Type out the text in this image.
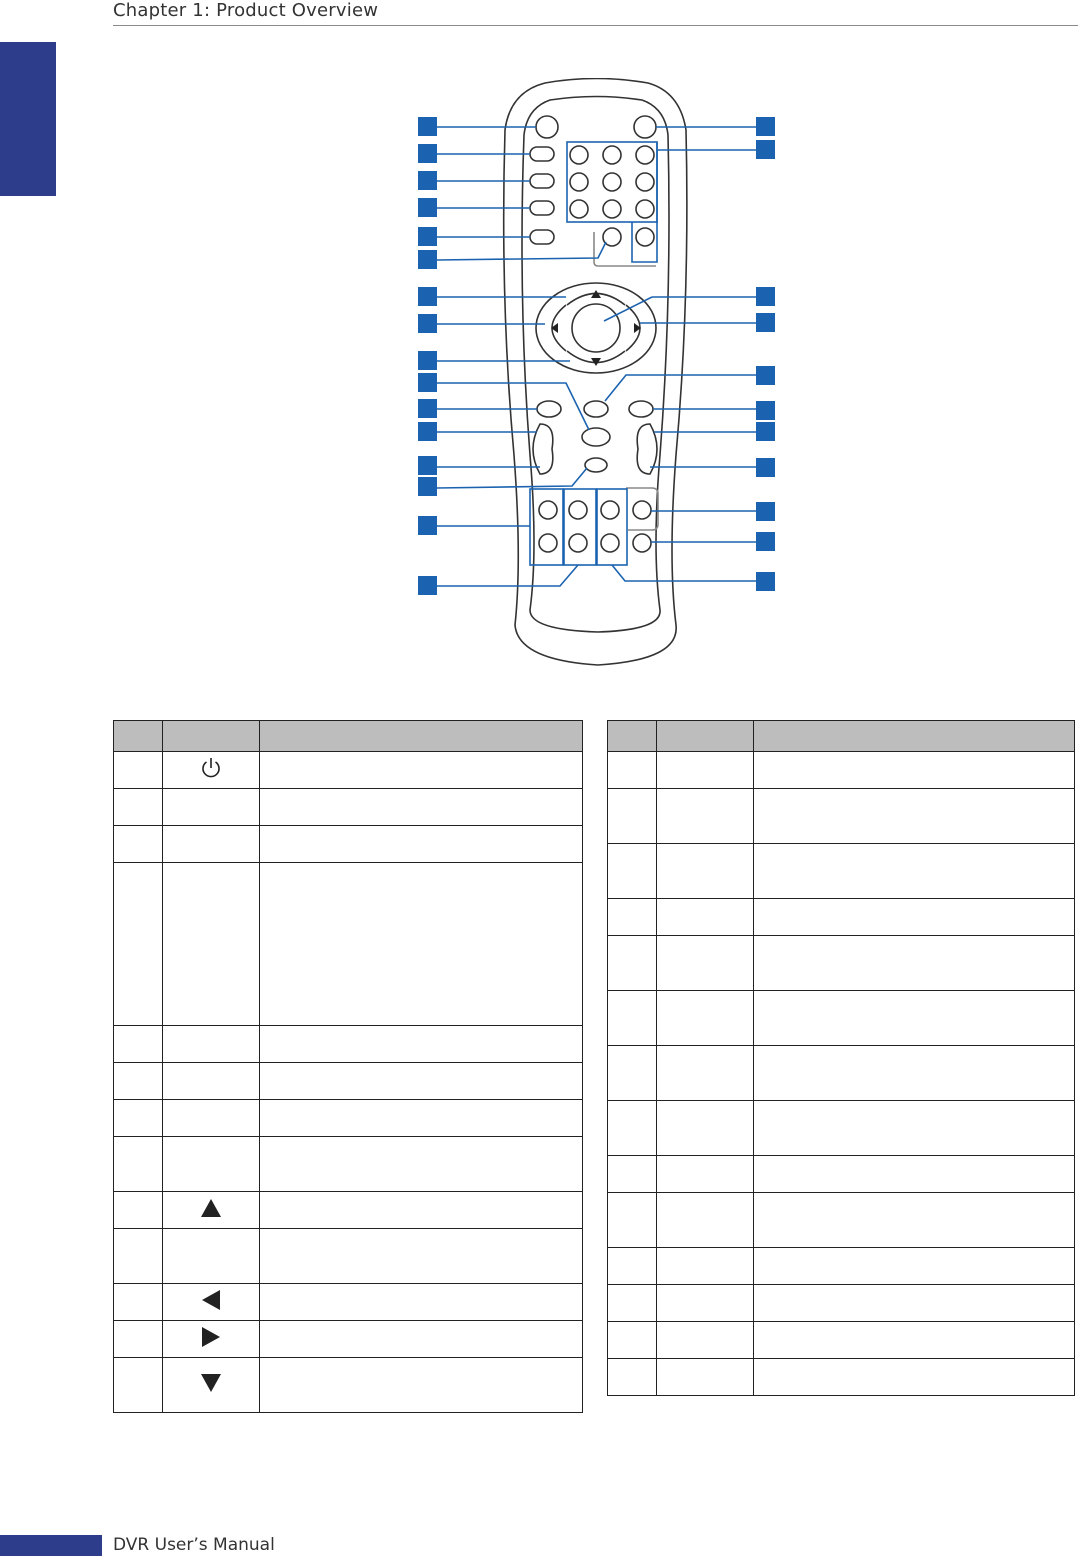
Chapter 1: Product Overview

DVR User’s Manual
